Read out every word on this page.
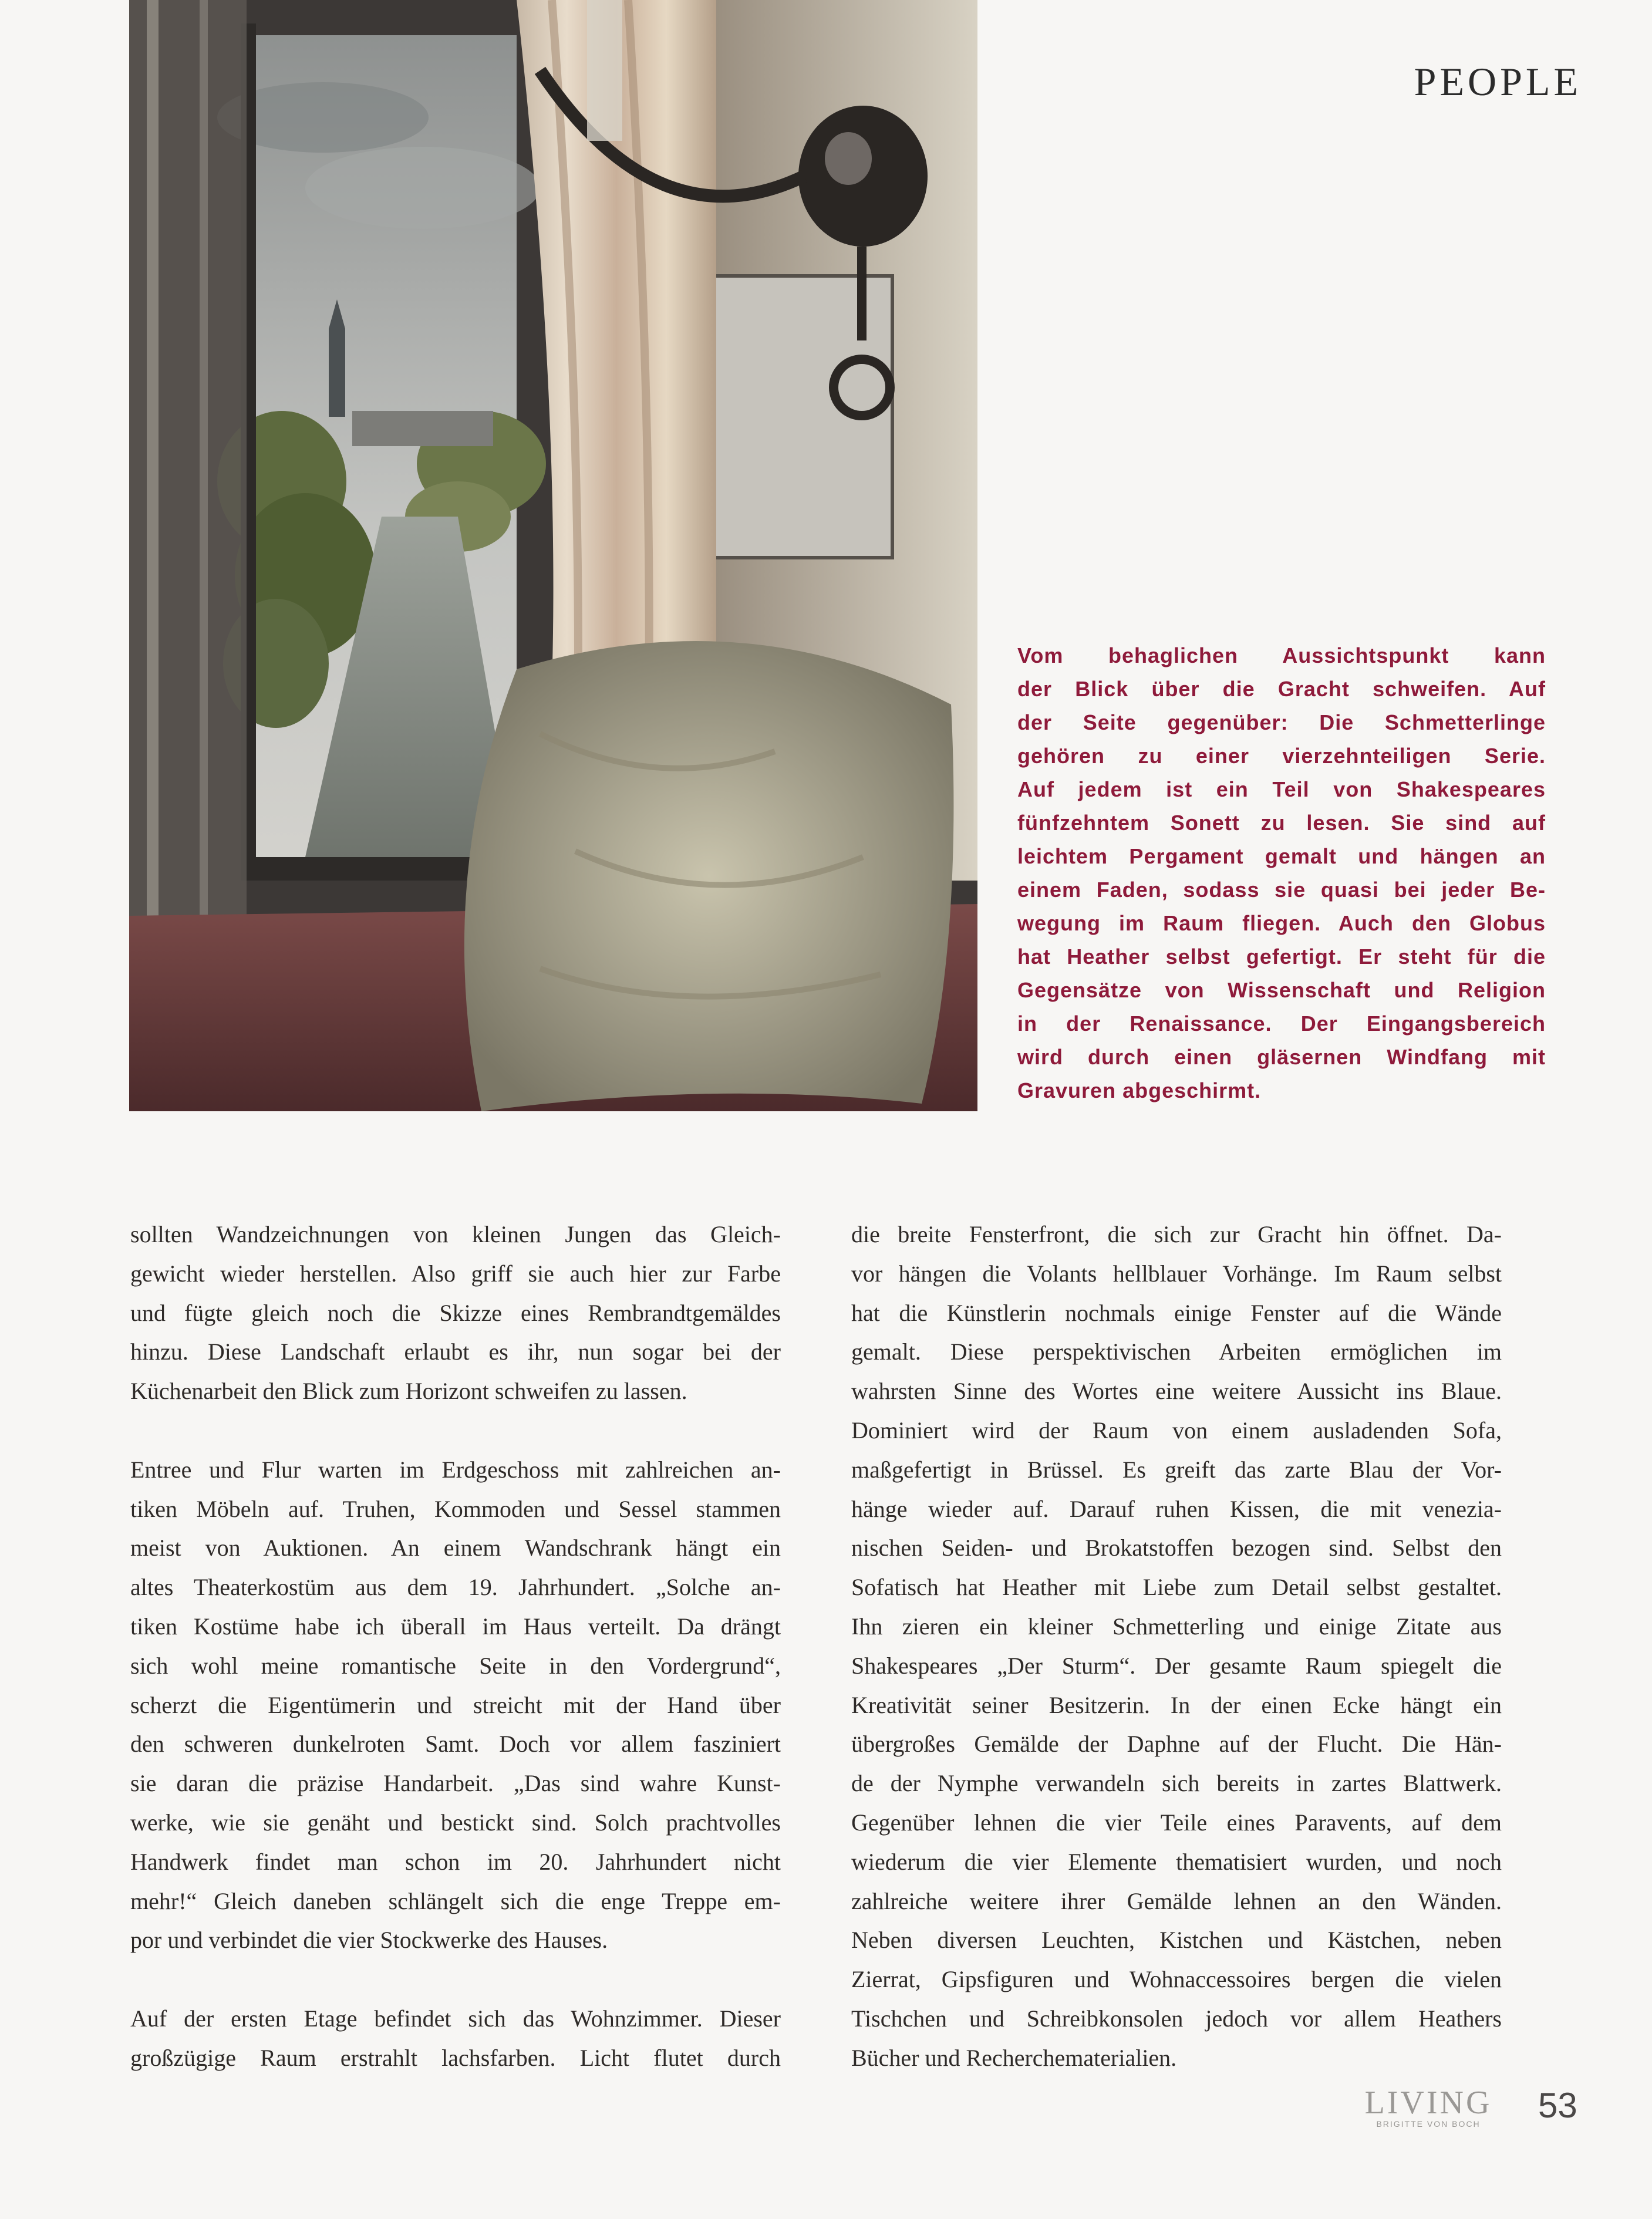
PEOPLE
Vom behaglichen Aussichtspunkt kann
der Blick über die Gracht schweifen. Auf
der Seite gegenüber: Die Schmetterlinge
gehören zu einer vierzehnteiligen Serie.
Auf jedem ist ein Teil von Shakespeares
fünfzehntem Sonett zu lesen. Sie sind auf
leichtem Pergament gemalt und hängen an
einem Faden, sodass sie quasi bei jeder Be-
wegung im Raum fliegen. Auch den Globus
hat Heather selbst gefertigt. Er steht für die
Gegensätze von Wissenschaft und Religion
in der Renaissance. Der Eingangsbereich
wird durch einen gläsernen Windfang mit
Gravuren abgeschirmt.
sollten Wandzeichnungen von kleinen Jungen das Gleich-
gewicht wieder herstellen. Also griff sie auch hier zur Farbe
und fügte gleich noch die Skizze eines Rembrandtgemäldes
hinzu. Diese Landschaft erlaubt es ihr, nun sogar bei der
Küchenarbeit den Blick zum Horizont schweifen zu lassen.
Entree und Flur warten im Erdgeschoss mit zahlreichen an-
tiken Möbeln auf. Truhen, Kommoden und Sessel stammen
meist von Auktionen. An einem Wandschrank hängt ein
altes Theaterkostüm aus dem 19. Jahrhundert. „Solche an-
tiken Kostüme habe ich überall im Haus verteilt. Da drängt
sich wohl meine romantische Seite in den Vordergrund“,
scherzt die Eigentümerin und streicht mit der Hand über
den schweren dunkelroten Samt. Doch vor allem fasziniert
sie daran die präzise Handarbeit. „Das sind wahre Kunst-
werke, wie sie genäht und bestickt sind. Solch prachtvolles
Handwerk findet man schon im 20. Jahrhundert nicht
mehr!“ Gleich daneben schlängelt sich die enge Treppe em-
por und verbindet die vier Stockwerke des Hauses.
Auf der ersten Etage befindet sich das Wohnzimmer. Dieser
großzügige Raum erstrahlt lachsfarben. Licht flutet durch
die breite Fensterfront, die sich zur Gracht hin öffnet. Da-
vor hängen die Volants hellblauer Vorhänge. Im Raum selbst
hat die Künstlerin nochmals einige Fenster auf die Wände
gemalt. Diese perspektivischen Arbeiten ermöglichen im
wahrsten Sinne des Wortes eine weitere Aussicht ins Blaue.
Dominiert wird der Raum von einem ausladenden Sofa,
maßgefertigt in Brüssel. Es greift das zarte Blau der Vor-
hänge wieder auf. Darauf ruhen Kissen, die mit venezia-
nischen Seiden- und Brokatstoffen bezogen sind. Selbst den
Sofatisch hat Heather mit Liebe zum Detail selbst gestaltet.
Ihn zieren ein kleiner Schmetterling und einige Zitate aus
Shakespeares „Der Sturm“. Der gesamte Raum spiegelt die
Kreativität seiner Besitzerin. In der einen Ecke hängt ein
übergroßes Gemälde der Daphne auf der Flucht. Die Hän-
de der Nymphe verwandeln sich bereits in zartes Blattwerk.
Gegenüber lehnen die vier Teile eines Paravents, auf dem
wiederum die vier Elemente thematisiert wurden, und noch
zahlreiche weitere ihrer Gemälde lehnen an den Wänden.
Neben diversen Leuchten, Kistchen und Kästchen, neben
Zierrat, Gipsfiguren und Wohnaccessoires bergen die vielen
Tischchen und Schreibkonsolen jedoch vor allem Heathers
Bücher und Recherchematerialien.
LIVING
BRIGITTE VON BOCH	53
